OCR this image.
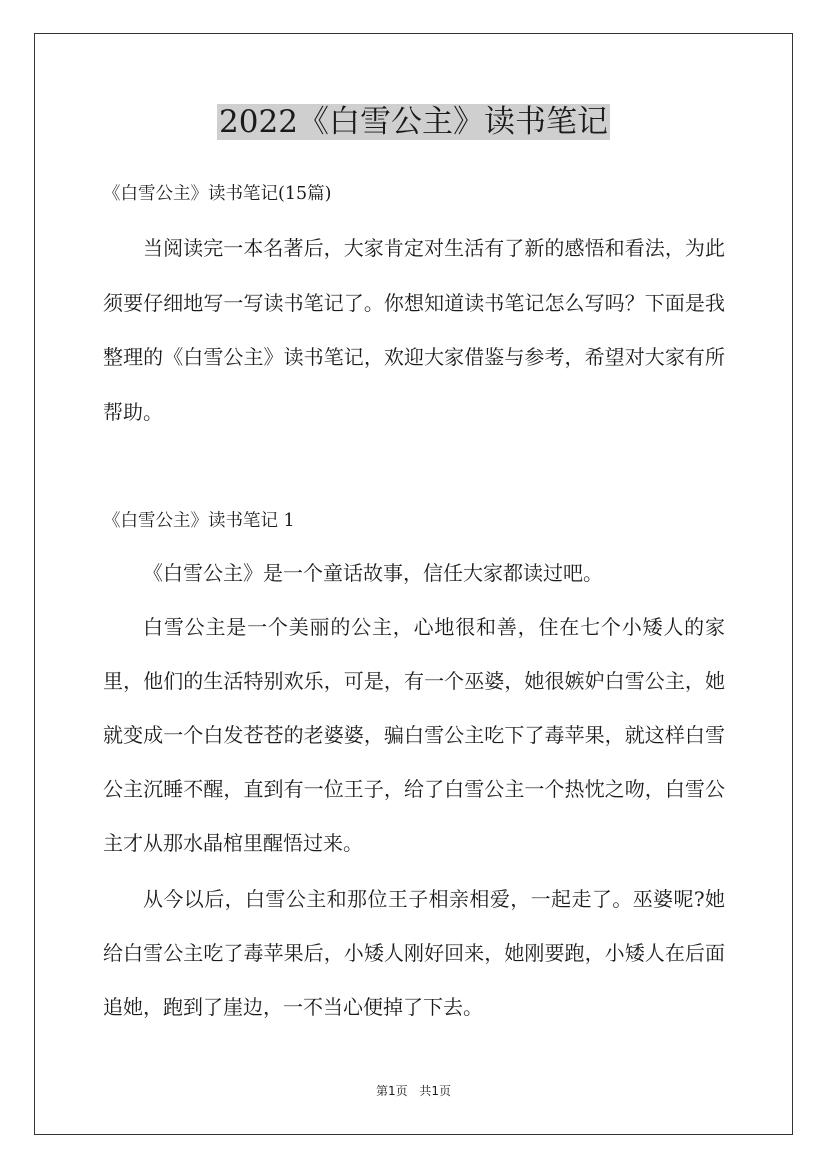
2022《白雪公主》读书笔记
《白雪公主》读书笔记(15篇)

当阅读完一本名著后，大家肯定对生活有了新的感悟和看法，为此须要仔细地写一写读书笔记了。你想知道读书笔记怎么写吗？下面是我整理的《白雪公主》读书笔记，欢迎大家借鉴与参考，希望对大家有所帮助。

《白雪公主》读书笔记 1

《白雪公主》是一个童话故事，信任大家都读过吧。

白雪公主是一个美丽的公主，心地很和善，住在七个小矮人的家里，他们的生活特别欢乐，可是，有一个巫婆，她很嫉妒白雪公主，她就变成一个白发苍苍的老婆婆，骗白雪公主吃下了毒苹果，就这样白雪公主沉睡不醒，直到有一位王子，给了白雪公主一个热忱之吻，白雪公主才从那水晶棺里醒悟过来。

从今以后，白雪公主和那位王子相亲相爱，一起走了。巫婆呢?她给白雪公主吃了毒苹果后，小矮人刚好回来，她刚要跑，小矮人在后面追她，跑到了崖边，一不当心便掉了下去。

第1页 共1页
